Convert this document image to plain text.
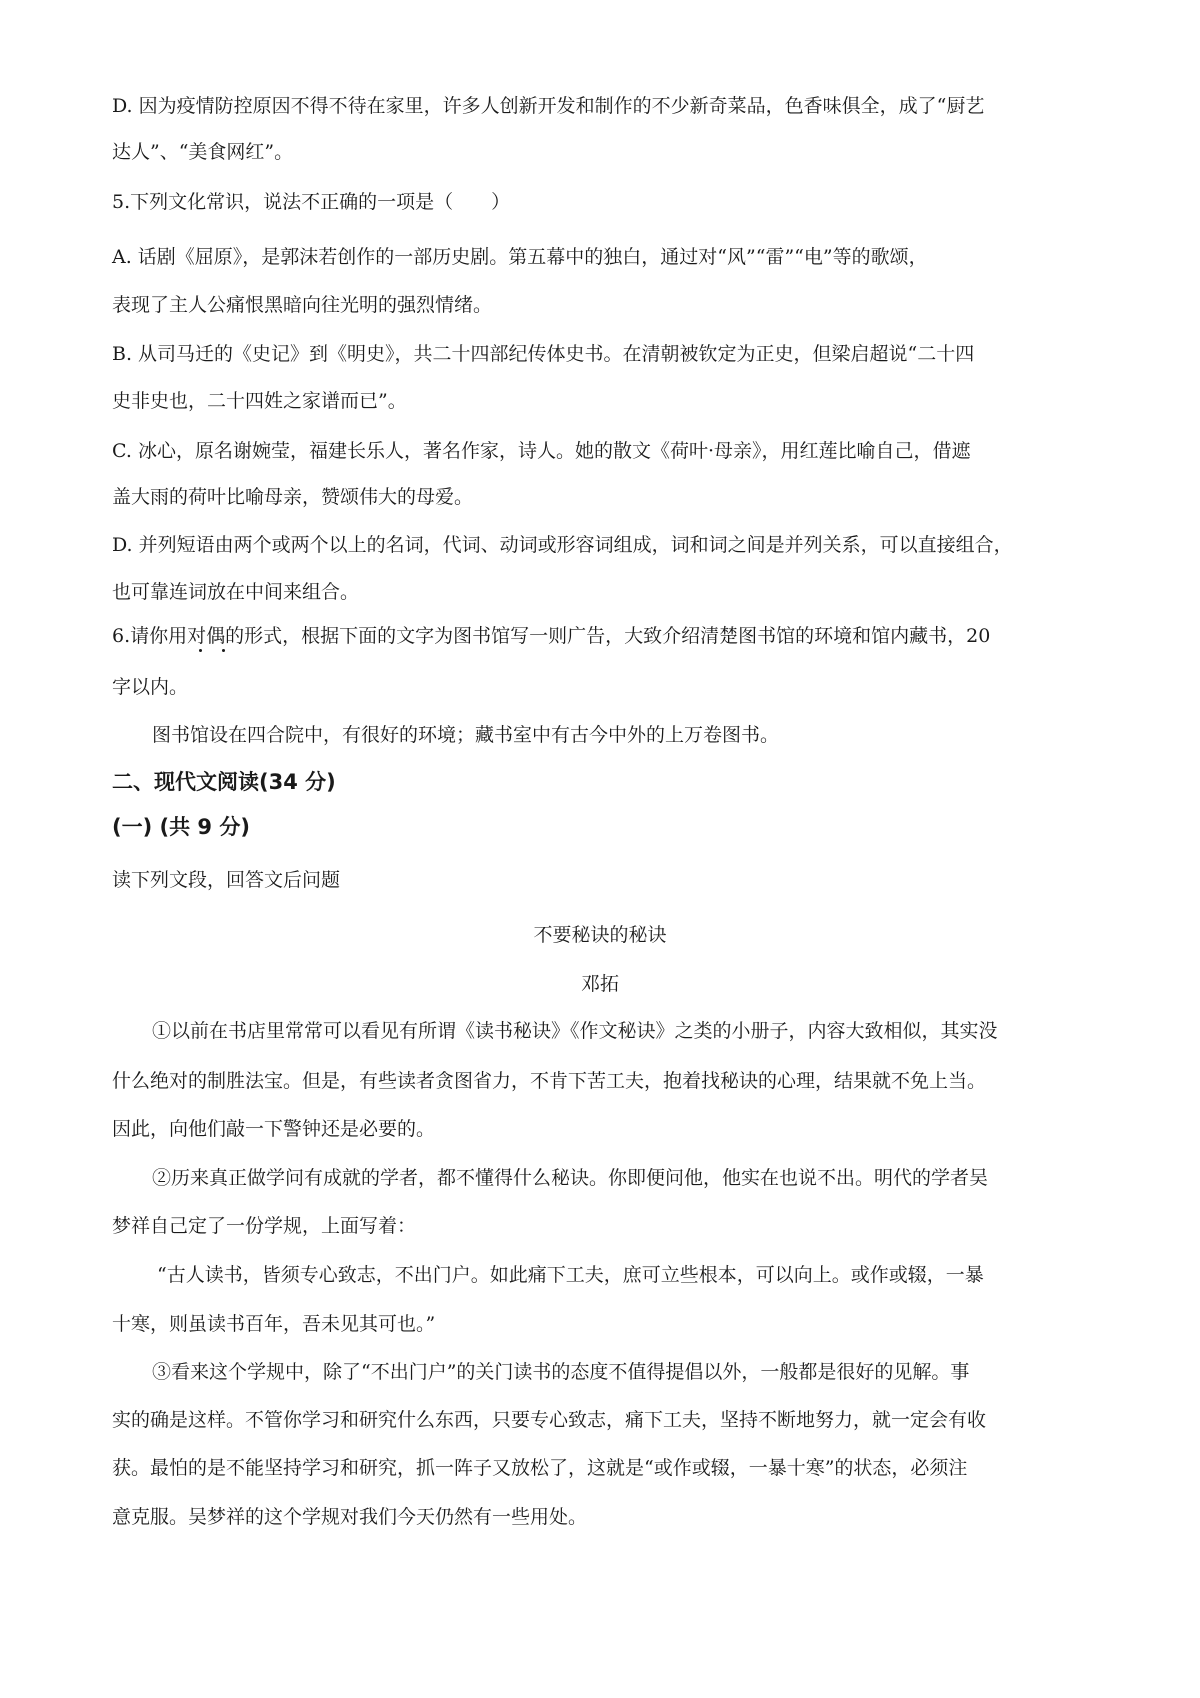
D. 因为疫情防控原因不得不待在家里，许多人创新开发和制作的不少新奇菜品，色香味俱全，成了“厨艺
达人”、“美食网红”。
5.下列文化常识，说法不正确的一项是（　　）
A. 话剧《屈原》，是郭沫若创作的一部历史剧。第五幕中的独白，通过对“风”“雷”“电”等的歌颂，
表现了主人公痛恨黑暗向往光明的强烈情绪。
B. 从司马迁的《史记》到《明史》，共二十四部纪传体史书。在清朝被钦定为正史，但梁启超说“二十四
史非史也，二十四姓之家谱而已”。
C. 冰心，原名谢婉莹，福建长乐人，著名作家，诗人。她的散文《荷叶·母亲》，用红莲比喻自己，借遮
盖大雨的荷叶比喻母亲，赞颂伟大的母爱。
D. 并列短语由两个或两个以上的名词，代词、动词或形容词组成，词和词之间是并列关系，可以直接组合，
也可靠连词放在中间来组合。
6.请你用对偶的形式，根据下面的文字为图书馆写一则广告，大致介绍清楚图书馆的环境和馆内藏书，20
字以内。
图书馆设在四合院中，有很好的环境；藏书室中有古今中外的上万卷图书。
二、现代文阅读(34 分)
(一) (共 9 分)
读下列文段，回答文后问题
不要秘诀的秘诀
邓拓
①以前在书店里常常可以看见有所谓《读书秘诀》《作文秘诀》之类的小册子，内容大致相似，其实没
什么绝对的制胜法宝。但是，有些读者贪图省力，不肯下苦工夫，抱着找秘诀的心理，结果就不免上当。
因此，向他们敲一下警钟还是必要的。
②历来真正做学问有成就的学者，都不懂得什么秘诀。你即便问他，他实在也说不出。明代的学者吴
梦祥自己定了一份学规，上面写着：
“古人读书，皆须专心致志，不出门户。如此痛下工夫，庶可立些根本，可以向上。或作或辍，一暴
十寒，则虽读书百年，吾未见其可也。”
③看来这个学规中，除了“不出门户”的关门读书的态度不值得提倡以外，一般都是很好的见解。事
实的确是这样。不管你学习和研究什么东西，只要专心致志，痛下工夫，坚持不断地努力，就一定会有收
获。最怕的是不能坚持学习和研究，抓一阵子又放松了，这就是“或作或辍，一暴十寒”的状态，必须注
意克服。吴梦祥的这个学规对我们今天仍然有一些用处。
